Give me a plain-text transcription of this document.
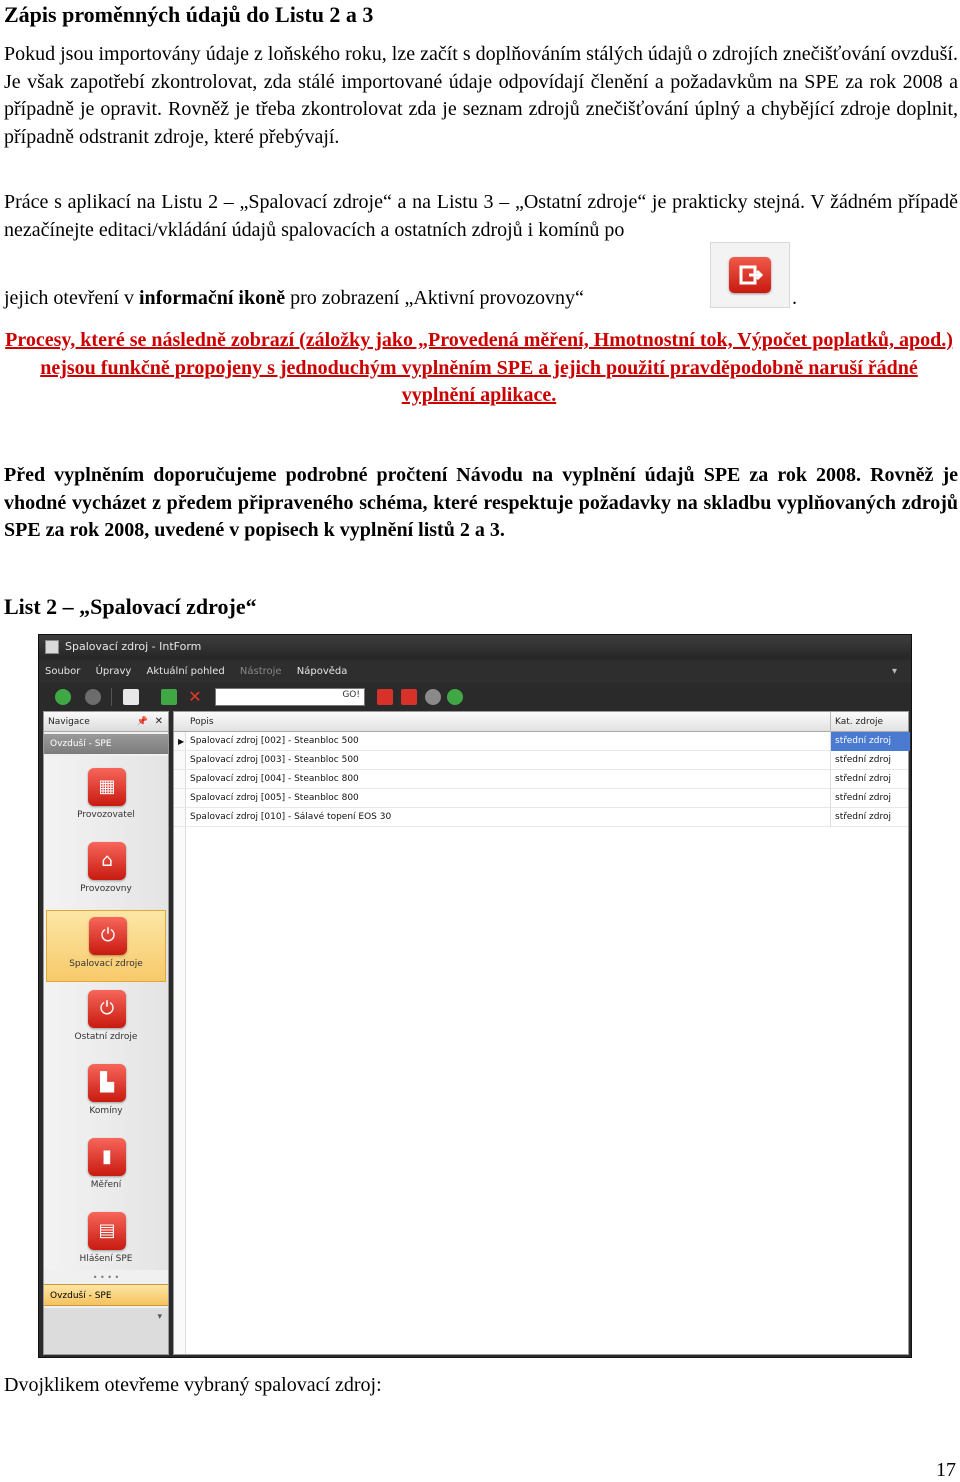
Zápis proměnných údajů do Listu 2 a 3
Pokud jsou importovány údaje z loňského roku, lze začít s doplňováním stálých údajů o zdrojích znečišťování ovzduší. Je však zapotřebí zkontrolovat, zda stálé importované údaje odpovídají členění a požadavkům na SPE za rok 2008 a případně je opravit. Rovněž je třeba zkontrolovat zda je seznam zdrojů znečišťování úplný a chybějící zdroje doplnit, případně odstranit zdroje, které přebývají.
Práce s aplikací na Listu 2 – „Spalovací zdroje“ a na Listu 3 – „Ostatní zdroje“ je prakticky stejná. V žádném případě nezačínejte editaci/vkládání údajů spalovacích a ostatních zdrojů i komínů po
jejich otevření v informační ikoně pro zobrazení „Aktivní provozovny“	.
Procesy, které se následně zobrazí (záložky jako „Provedená měření, Hmotnostní tok, Výpočet poplatků, apod.) nejsou funkčně propojeny s jednoduchým vyplněním SPE a jejich použití pravděpodobně naruší řádné vyplnění aplikace.
Před vyplněním doporučujeme podrobné pročtení Návodu na vyplnění údajů SPE za rok 2008. Rovněž je vhodné vycházet z předem připraveného schéma, které respektuje požadavky na skladbu vyplňovaných zdrojů SPE za rok 2008, uvedené v popisech k vyplnění listů 2 a 3.
List 2 – „Spalovací zdroje“
Spalovací zdroj - IntForm
Soubor Úpravy Aktuální pohled Nástroje Nápověda	▾
✕	GO!
Navigace	📌 ✕
Ovzduší - SPE
▦
Provozovatel
⌂
Provozovny
⏻
Spalovací zdroje
⏻
Ostatní zdroje
▙
Komíny
▮
Měření
▤
Hlášení SPE
• • • •
Ovzduší - SPE
▾
Popis	Kat. zdroje
▶ Spalovací zdroj [002] - Steanbloc 500	střední zdroj
Spalovací zdroj [003] - Steanbloc 500	střední zdroj
Spalovací zdroj [004] - Steanbloc 800	střední zdroj
Spalovací zdroj [005] - Steanbloc 800	střední zdroj
Spalovací zdroj [010] - Sálavé topení EOS 30	střední zdroj
Dvojklikem otevřeme vybraný spalovací zdroj:
17
